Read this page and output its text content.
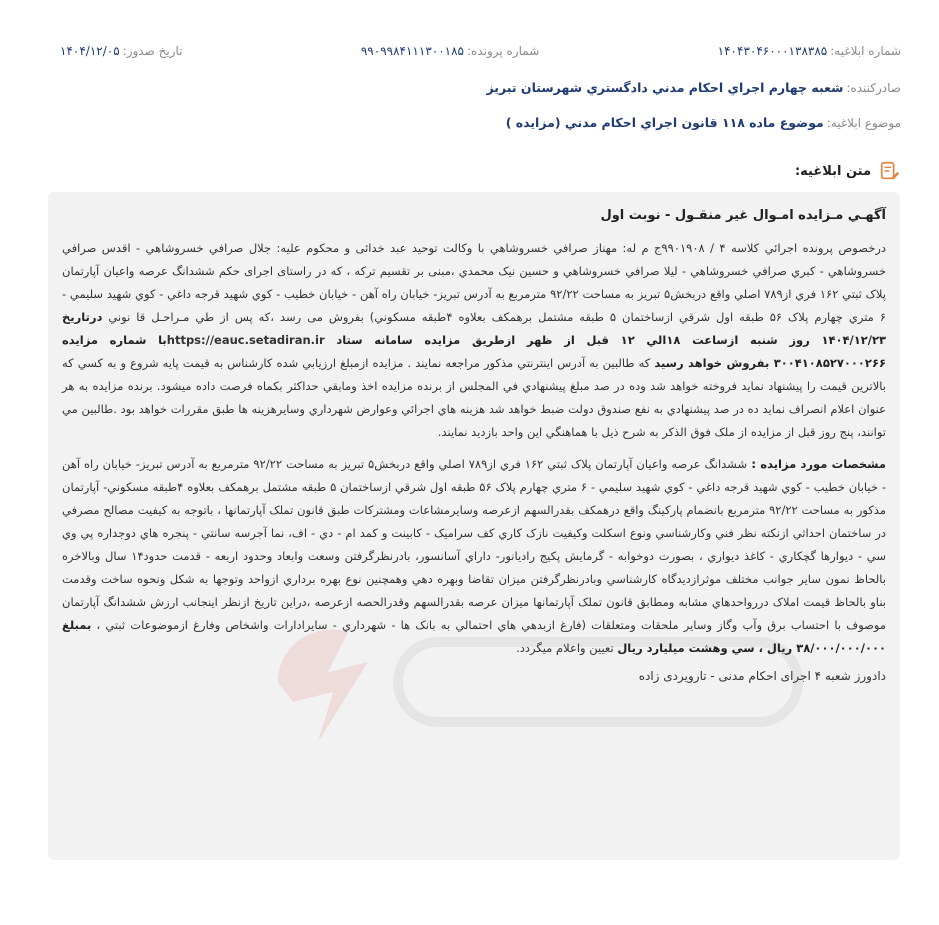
شماره ابلاغيه:
۱۴۰۴۳۰۴۶۰۰۰۱۳۸۳۸۵
شماره پرونده:
۹۹۰۹۹۸۴۱۱۱۳۰۰۱۸۵
تاريخ صدور:
۱۴۰۴/۱۲/۰۵
صادرکننده:
شعبه چهارم اجراي احکام مدني دادگستري شهرستان تبريز
موضوع ابلاغيه:
موضوع ماده ۱۱۸ قانون اجراي احکام مدني (مزايده )
متن ابلاغيه:
آگهـي مـزايده امـوال غير منقـول - نوبت اول

درخصوص پرونده اجرائي کلاسه ۴ / ۹۹۰۱۹۰۸ج م له: مهناز صرافي خسروشاهي با وکالت توحيد عبد خدائی و محکوم عليه: جلال صرافي خسروشاهي - اقدس صرافي خسروشاهي - کبري صرافي خسروشاهي - ليلا صرافي خسروشاهي و حسين نيک محمدي ،مبنی بر تقسيم ترکه ، که در راستای اجرای حکم ششدانگ عرصه واعيان آپارتمان پلاک ثبتي ۱۶۲ فري از۷۸۹ اصلي واقع دربخش۵ تبريز به مساحت ۹۲/۲۲ مترمربع به آدرس تبريز- خيابان راه آهن - خيابان خطيب - کوي شهيد قرجه داغي - کوي شهيد سليمي - ۶ متري چهارم پلاک ۵۶ طبقه اول شرقي ازساختمان ۵ طبقه مشتمل برهمکف بعلاوه ۴طبقه مسکوني) بفروش می رسد ،که پس از طي مـراحـل قا نوني درتاريخ ۱۴۰۴/۱۲/۲۳ روز شنبه ازساعت ۱۸الي ۱۲ قبل از ظهر ازطريق مزايده سامانه ستاد https://eauc.setadiran.irبا شماره مزايده ۳۰۰۴۱۰۸۵۲۷۰۰۰۲۶۶ بفروش خواهد رسيد که طالبين به آدرس اينترنتي مذکور مراجعه نمايند . مزايده ازمبلغ ارزيابي شده کارشناس به قيمت پايه شروع و به کسي که بالاترين قيمت را پيشنهاد نمايد فروخته خواهد شد وده در صد مبلغ پيشنهادي في المجلس از برنده مزايده اخذ ومابقي حداکثر بکماه فرصت داده ميشود. برنده مزايده به هر عنوان اعلام انصراف نمايد ده در صد پيشنهادي به نفع صندوق دولت ضبط خواهد شد هزينه هاي اجرائي وعوارض شهرداري وسايرهزينه ها طبق مقررات خواهد بود .طالبين مي توانند، پنج روز قبل از مزايده از ملک فوق الذکر به شرح ذيل با هماهنگي اين واحد بازديد نمايند.

مشخصات مورد مزايده : ششدانگ عرصه واعيان آپارتمان پلاک ثبتي ۱۶۲ فري از۷۸۹ اصلي واقع دربخش۵ تبريز به مساحت ۹۲/۲۲ مترمربع به آدرس تبريز- خيابان راه آهن - خيابان خطيب - کوي شهيد قرجه داغي - کوي شهيد سليمي - ۶ متري چهارم پلاک ۵۶ طبقه اول شرقي ازساختمان ۵ طبقه مشتمل برهمکف بعلاوه ۴طبقه مسکوني- آپارتمان مذکور به مساحت ۹۲/۲۲ مترمربع بانضمام پارکينگ واقع درهمکف بقدرالسهم ازعرصه وسايرمشاعات ومشترکات طبق قانون تملک آپارتمانها ، باتوجه به کيفيت مصالح مصرفي در ساختمان احداثي ازنکته نظر فني وکارشناسي ونوع اسکلت وکيفيت نازک کاري کف سراميک - کابينت و کمد ام - دي - اف، نما آجرسه سانتي - پنجره هاي دوجداره پي وي سي - ديوارها گچکاري - کاغذ ديواري ، بصورت دوخوابه - گرمايش پکيج راديانور- داراي آسانسور، بادرنظرگرفتن وسعت وابعاد وحدود اربعه - قدمت حدود۱۴ سال وبالاخره بالحاظ نمون ساير جوانب مختلف موثرازديدگاه کارشناسي وبادرنظرگرفتن ميزان تقاضا وبهره دهي وهمچنين نوع بهره برداري ازواحد وتوجها به شکل ونحوه ساخت وقدمت بناو بالحاظ قيمت املاک دررواحدهاي مشابه ومطابق قانون تملک آپارتمانها ميزان عرصه بقدرالسهم وقدرالحصه ازعرصه ،دراين تاريخ ازنظر اينجانب ارزش ششدانگ آپارتمان موصوف با احتساب برق وآب وگاز وساير ملحقات ومتعلقات (فارغ ازبدهي هاي احتمالي به بانک ها - شهرداري - سايرادارات واشخاص وفارغ ازموضوعات ثبتي ، بمبلغ ۳۸/۰۰۰/۰۰۰/۰۰۰ ريال ، سي وهشت ميليارد ريال تعيين واعلام ميگردد.

دادورز شعبه ۴ اجرای احکام مدنی - تارويردی زاده
